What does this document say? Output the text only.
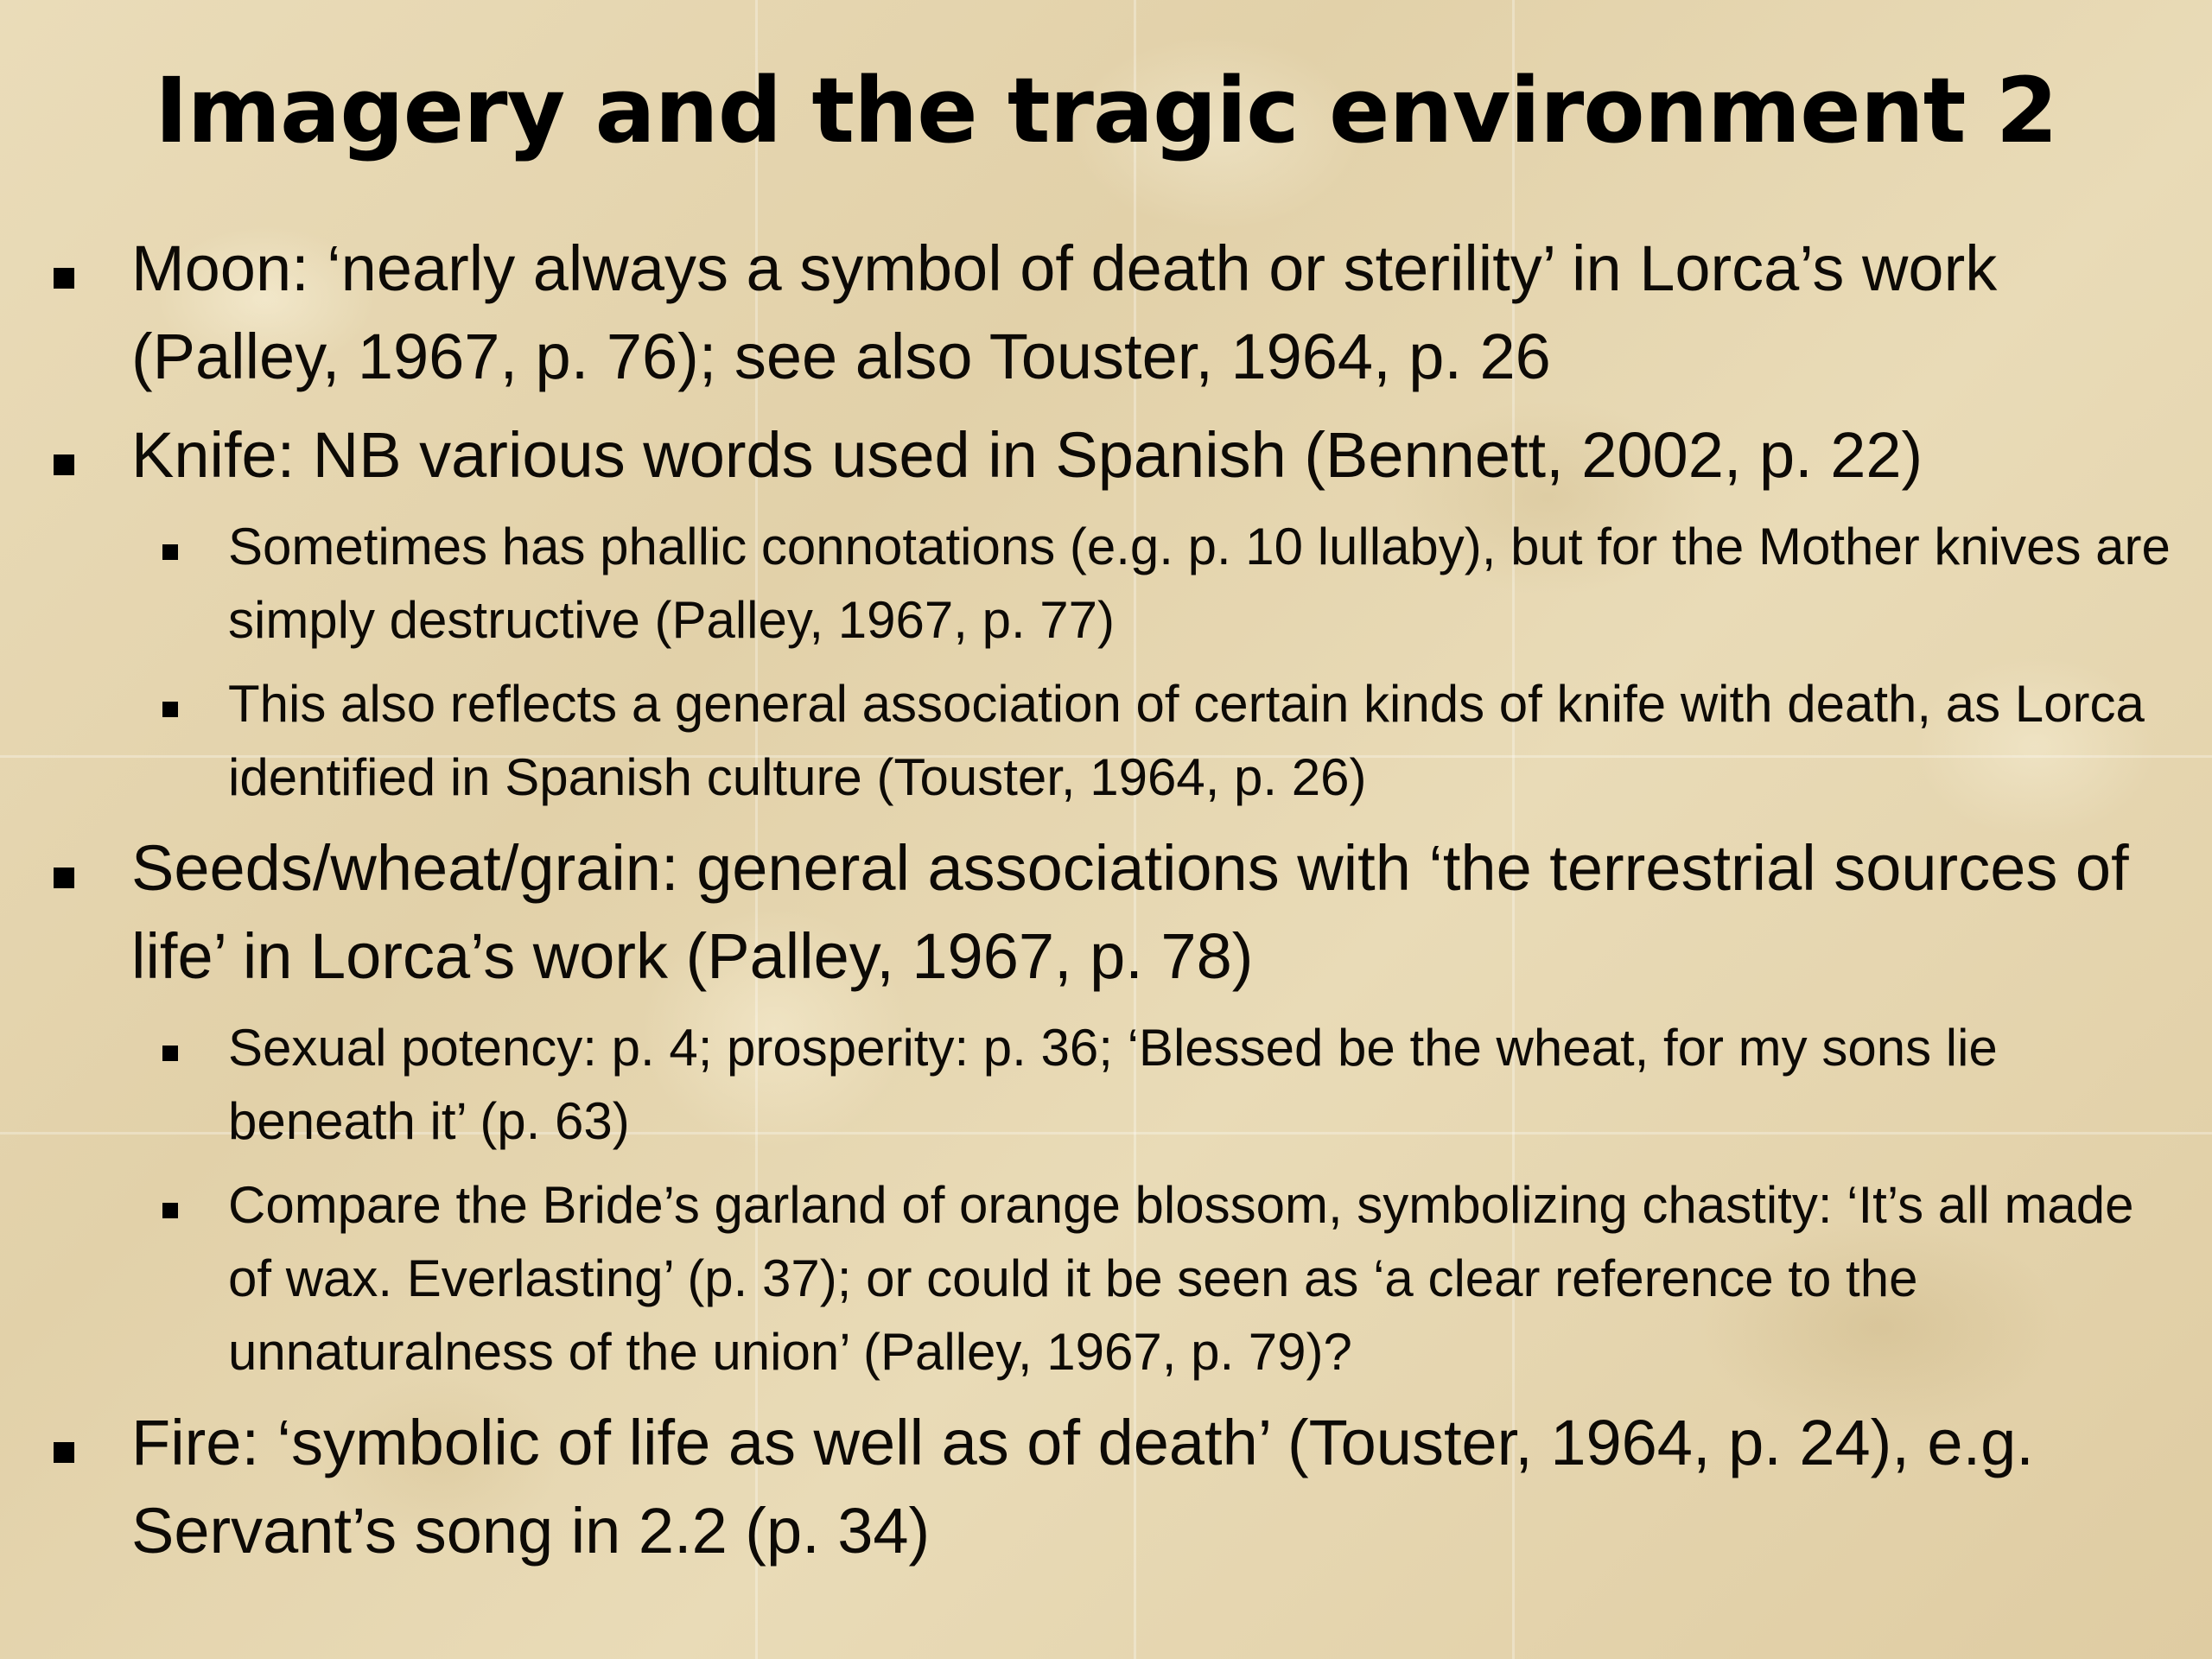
Imagery and the tragic environment 2
Moon: ‘nearly always a symbol of death or sterility’ in Lorca’s work (Palley, 1967, p. 76); see also Touster, 1964, p. 26
Knife: NB various words used in Spanish (Bennett, 2002, p. 22)
Sometimes has phallic connotations (e.g. p. 10 lullaby), but for the Mother knives are simply destructive (Palley, 1967, p. 77)
This also reflects a general association of certain kinds of knife with death, as Lorca identified in Spanish culture (Touster, 1964, p. 26)
Seeds/wheat/grain: general associations with ‘the terrestrial sources of life’ in Lorca’s work (Palley, 1967, p. 78)
Sexual potency: p. 4; prosperity: p. 36; ‘Blessed be the wheat, for my sons lie beneath it’ (p. 63)
Compare the Bride’s garland of orange blossom, symbolizing chastity: ‘It’s all made of wax. Everlasting’ (p. 37); or could it be seen as ‘a clear reference to the unnaturalness of the union’ (Palley, 1967, p. 79)?
Fire: ‘symbolic of life as well as of death’ (Touster, 1964, p. 24), e.g. Servant’s song in 2.2 (p. 34)
